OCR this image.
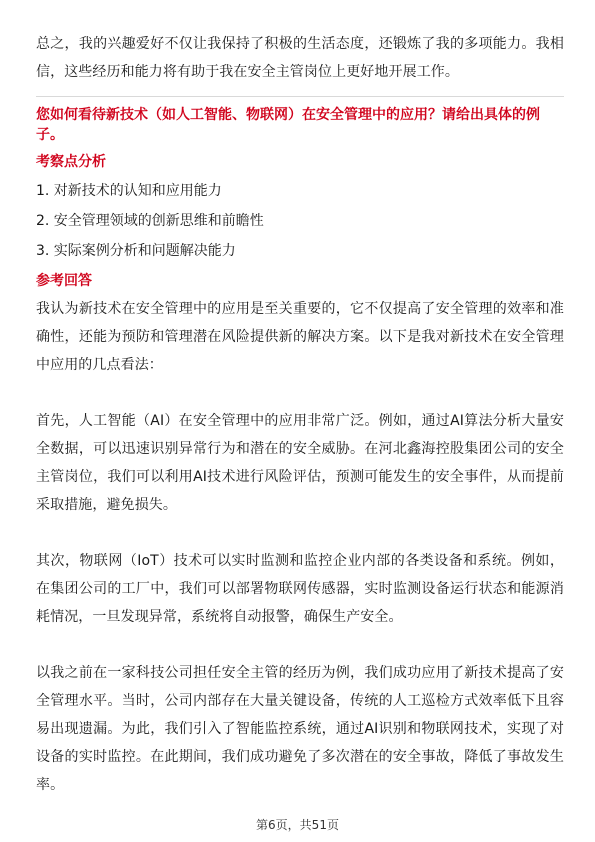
总之，我的兴趣爱好不仅让我保持了积极的生活态度，还锻炼了我的多项能力。我相信，这些经历和能力将有助于我在安全主管岗位上更好地开展工作。

您如何看待新技术（如人工智能、物联网）在安全管理中的应用？请给出具体的例子。

考察点分析

1. 对新技术的认知和应用能力

2. 安全管理领域的创新思维和前瞻性

3. 实际案例分析和问题解决能力

参考回答

我认为新技术在安全管理中的应用是至关重要的，它不仅提高了安全管理的效率和准确性，还能为预防和管理潜在风险提供新的解决方案。以下是我对新技术在安全管理中应用的几点看法：

首先，人工智能（AI）在安全管理中的应用非常广泛。例如，通过AI算法分析大量安全数据，可以迅速识别异常行为和潜在的安全威胁。在河北鑫海控股集团公司的安全主管岗位，我们可以利用AI技术进行风险评估，预测可能发生的安全事件，从而提前采取措施，避免损失。

其次，物联网（IoT）技术可以实时监测和监控企业内部的各类设备和系统。例如，在集团公司的工厂中，我们可以部署物联网传感器，实时监测设备运行状态和能源消耗情况，一旦发现异常，系统将自动报警，确保生产安全。

以我之前在一家科技公司担任安全主管的经历为例，我们成功应用了新技术提高了安全管理水平。当时，公司内部存在大量关键设备，传统的人工巡检方式效率低下且容易出现遗漏。为此，我们引入了智能监控系统，通过AI识别和物联网技术，实现了对设备的实时监控。在此期间，我们成功避免了多次潜在的安全事故，降低了事故发生率。

第6页，共51页
